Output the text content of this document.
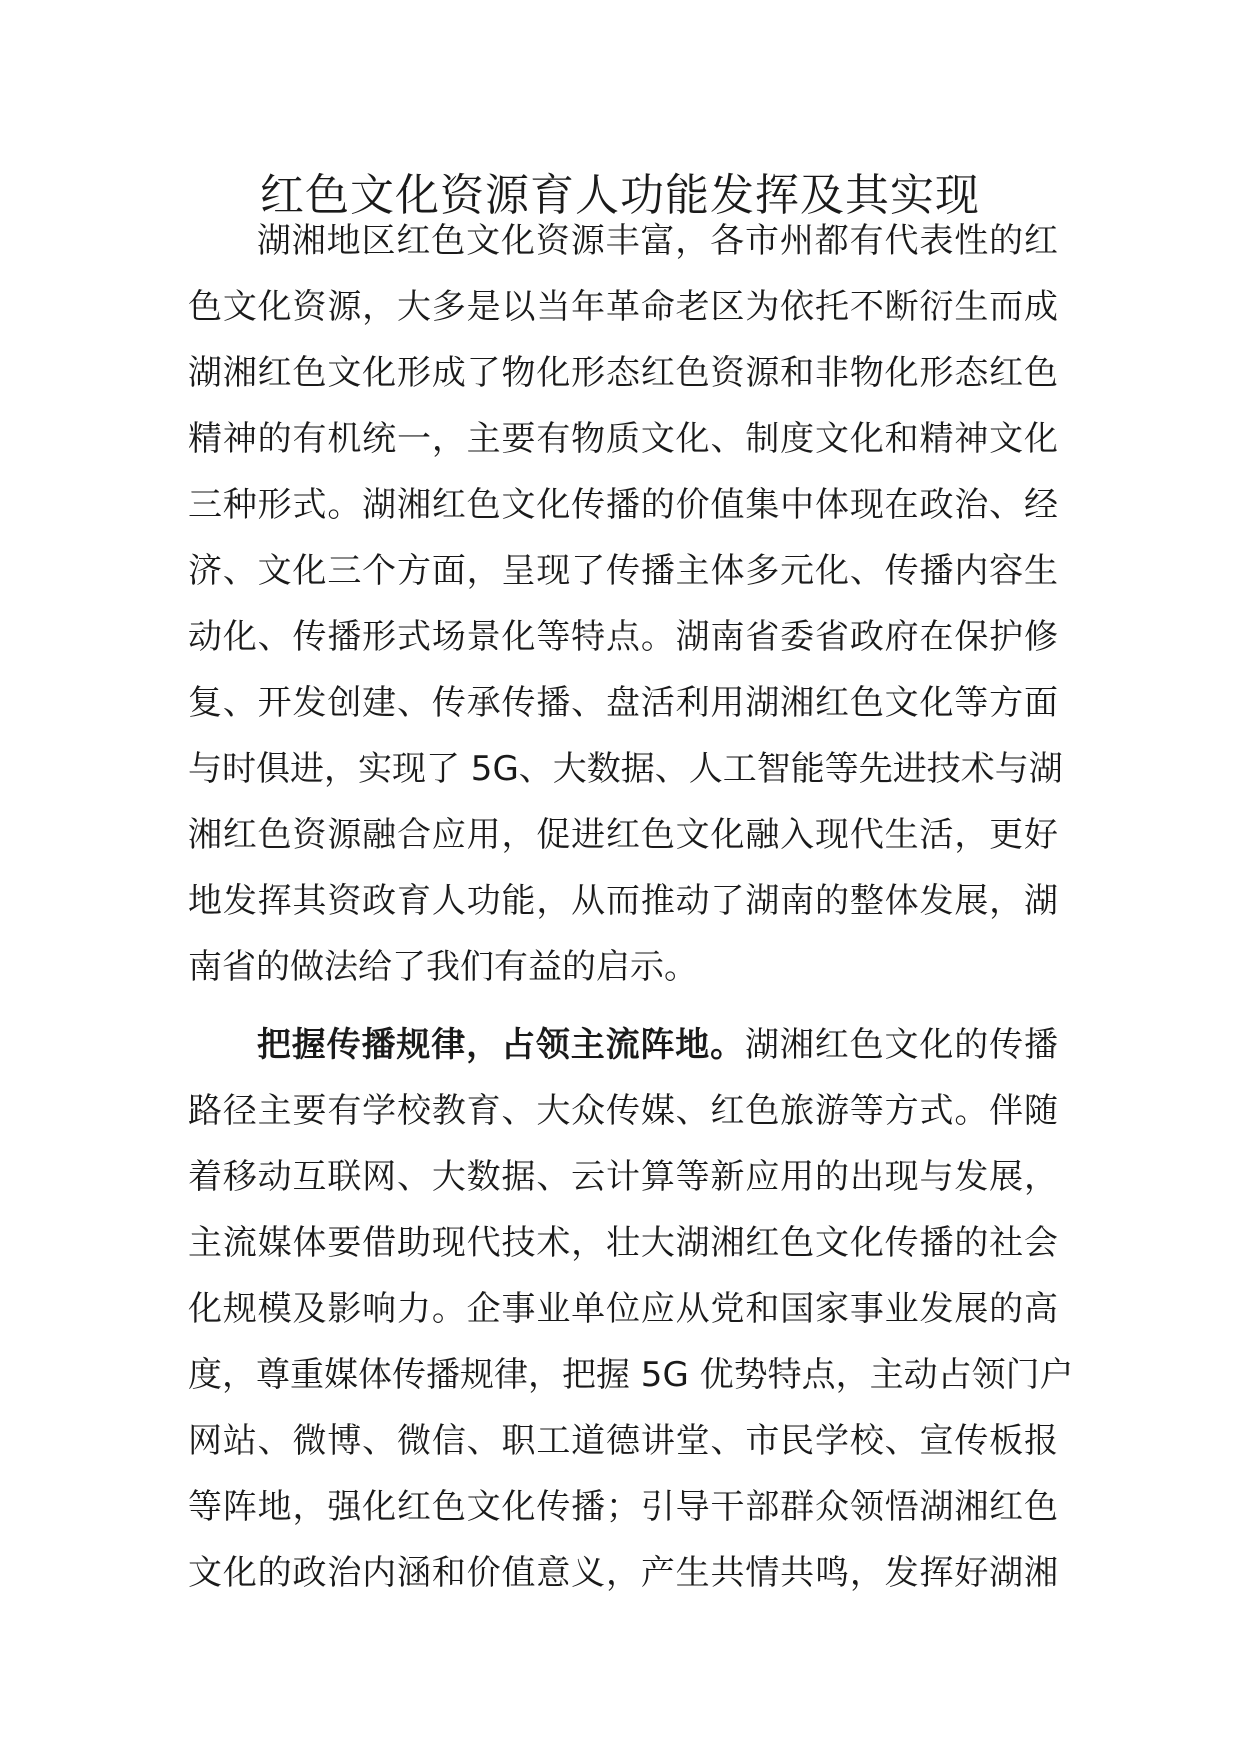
红色文化资源育人功能发挥及其实现
湖湘地区红色文化资源丰富，各市州都有代表性的红
色文化资源，大多是以当年革命老区为依托不断衍生而成
湖湘红色文化形成了物化形态红色资源和非物化形态红色
精神的有机统一，主要有物质文化、制度文化和精神文化
三种形式。湖湘红色文化传播的价值集中体现在政治、经
济、文化三个方面，呈现了传播主体多元化、传播内容生
动化、传播形式场景化等特点。湖南省委省政府在保护修
复、开发创建、传承传播、盘活利用湖湘红色文化等方面
与时俱进，实现了 5G、大数据、人工智能等先进技术与湖
湘红色资源融合应用，促进红色文化融入现代生活，更好
地发挥其资政育人功能，从而推动了湖南的整体发展，湖
南省的做法给了我们有益的启示。
把握传播规律，占领主流阵地。湖湘红色文化的传播
路径主要有学校教育、大众传媒、红色旅游等方式。伴随
着移动互联网、大数据、云计算等新应用的出现与发展，
主流媒体要借助现代技术，壮大湖湘红色文化传播的社会
化规模及影响力。企事业单位应从党和国家事业发展的高
度，尊重媒体传播规律，把握 5G 优势特点，主动占领门户
网站、微博、微信、职工道德讲堂、市民学校、宣传板报
等阵地，强化红色文化传播；引导干部群众领悟湖湘红色
文化的政治内涵和价值意义，产生共情共鸣，发挥好湖湘
